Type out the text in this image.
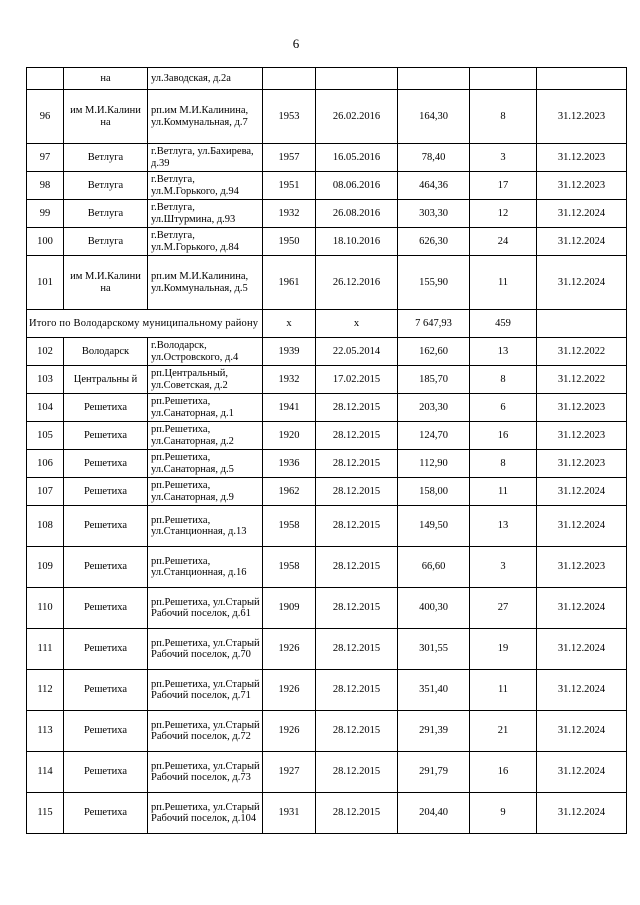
6
	на	ул.Заводская, д.2а					
96	им М.И.Калини на	рп.им М.И.Калинина, ул.Коммунальная, д.7	1953	26.02.2016	164,30	8	31.12.2023
97	Ветлуга	г.Ветлуга, ул.Бахирева, д.39	1957	16.05.2016	78,40	3	31.12.2023
98	Ветлуга	г.Ветлуга, ул.М.Горького, д.94	1951	08.06.2016	464,36	17	31.12.2023
99	Ветлуга	г.Ветлуга, ул.Штурмина, д.93	1932	26.08.2016	303,30	12	31.12.2024
100	Ветлуга	г.Ветлуга, ул.М.Горького, д.84	1950	18.10.2016	626,30	24	31.12.2024
101	им М.И.Калини на	рп.им М.И.Калинина, ул.Коммунальная, д.5	1961	26.12.2016	155,90	11	31.12.2024
Итого по Володарскому муниципальному району			х	х	7 647,93	459	
102	Володарск	г.Володарск, ул.Островского, д.4	1939	22.05.2014	162,60	13	31.12.2022
103	Центральны й	рп.Центральный, ул.Советская, д.2	1932	17.02.2015	185,70	8	31.12.2022
104	Решетиха	рп.Решетиха, ул.Санаторная, д.1	1941	28.12.2015	203,30	6	31.12.2023
105	Решетиха	рп.Решетиха, ул.Санаторная, д.2	1920	28.12.2015	124,70	16	31.12.2023
106	Решетиха	рп.Решетиха, ул.Санаторная, д.5	1936	28.12.2015	112,90	8	31.12.2023
107	Решетиха	рп.Решетиха, ул.Санаторная, д.9	1962	28.12.2015	158,00	11	31.12.2024
108	Решетиха	рп.Решетиха, ул.Станционная, д.13	1958	28.12.2015	149,50	13	31.12.2024
109	Решетиха	рп.Решетиха, ул.Станционная, д.16	1958	28.12.2015	66,60	3	31.12.2023
110	Решетиха	рп.Решетиха, ул.Старый Рабочий поселок, д.61	1909	28.12.2015	400,30	27	31.12.2024
111	Решетиха	рп.Решетиха, ул.Старый Рабочий поселок, д.70	1926	28.12.2015	301,55	19	31.12.2024
112	Решетиха	рп.Решетиха, ул.Старый Рабочий поселок, д.71	1926	28.12.2015	351,40	11	31.12.2024
113	Решетиха	рп.Решетиха, ул.Старый Рабочий поселок, д.72	1926	28.12.2015	291,39	21	31.12.2024
114	Решетиха	рп.Решетиха, ул.Старый Рабочий поселок, д.73	1927	28.12.2015	291,79	16	31.12.2024
115	Решетиха	рп.Решетиха, ул.Старый Рабочий поселок, д.104	1931	28.12.2015	204,40	9	31.12.2024
